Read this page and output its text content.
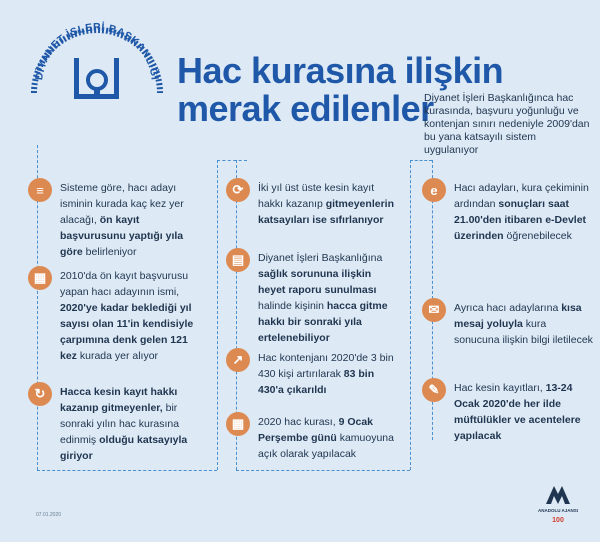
DİYANET İŞLERİ BAŞKANLIĞI Hac kurasına ilişkin
merak edilenler
Diyanet İşleri Başkanlığınca hac kurasında, başvuru yoğunluğu ve kontenjan sınırı nedeniyle 2009'dan bu yana katsayılı sistem uygulanıyor
≡	Sisteme göre, hacı adayı isminin kurada kaç kez yer alacağı, ön kayıt başvurusunu yaptığı yıla göre belirleniyor
▦	2010'da ön kayıt başvurusu yapan hacı adayının ismi, 2020'ye kadar beklediği yıl sayısı olan 11'in kendisiyle çarpımına denk gelen 121 kez kurada yer alıyor
↻	Hacca kesin kayıt hakkı kazanıp gitmeyenler, bir sonraki yılın hac kurasına edinmiş olduğu katsayıyla giriyor
⟳	İki yıl üst üste kesin kayıt hakkı kazanıp gitmeyenlerin katsayıları ise sıfırlanıyor
▤	Diyanet İşleri Başkanlığına sağlık sorununa ilişkin heyet raporu sunulması halinde kişinin hacca gitme hakkı bir sonraki yıla ertelenebiliyor
↗	Hac kontenjanı 2020'de 3 bin 430 kişi artırılarak 83 bin 430'a çıkarıldı
▦	2020 hac kurası, 9 Ocak Perşembe günü kamuoyuna açık olarak yapılacak
e	Hacı adayları, kura çekiminin ardından sonuçları saat 21.00'den itibaren e-Devlet üzerinden öğrenebilecek
✉	Ayrıca hacı adaylarına kısa mesaj yoluyla kura sonucuna ilişkin bilgi iletilecek
✎	Hac kesin kayıtları, 13-24 Ocak 2020'de her ilde müftülükler ve acentelere yapılacak
07.01.2020
ANADOLU AJANSI
100
